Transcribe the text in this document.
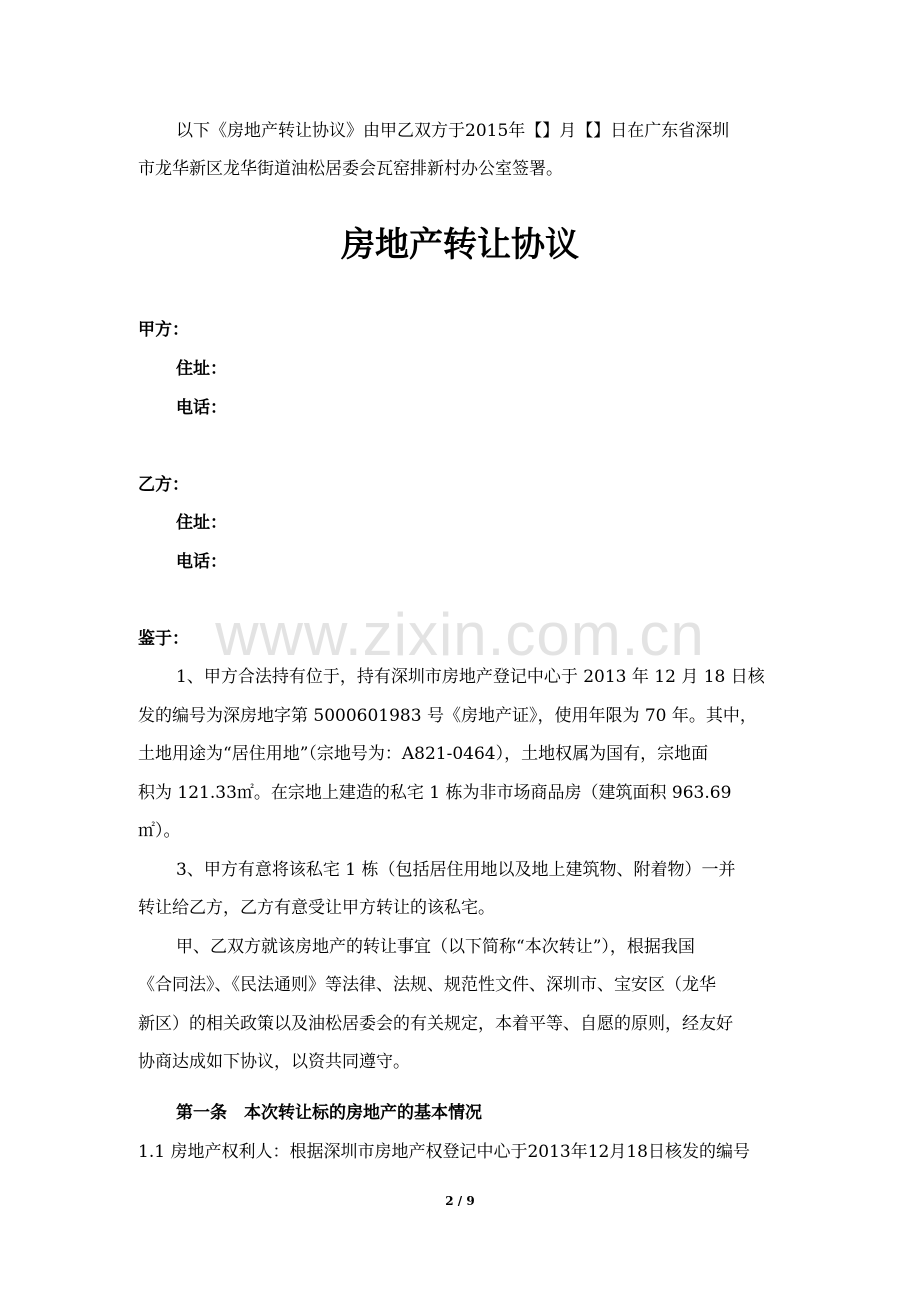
以下《房地产转让协议》由甲乙双方于2015年【】月【】日在广东省深圳
市龙华新区龙华街道油松居委会瓦窑排新村办公室签署。
房地产转让协议
甲方：
住址：
电话：
乙方：
住址：
电话：
www.zixin.com.cn
鉴于：
1、甲方合法持有位于，持有深圳市房地产登记中心于 2013 年 12 月 18 日核
发的编号为深房地字第 5000601983 号《房地产证》，使用年限为 70 年。其中，
土地用途为“居住用地”（宗地号为：A821-0464），土地权属为国有，宗地面
积为 121.33㎡。在宗地上建造的私宅 1 栋为非市场商品房（建筑面积 963.69
㎡）。
3、甲方有意将该私宅 1 栋（包括居住用地以及地上建筑物、附着物）一并
转让给乙方，乙方有意受让甲方转让的该私宅。
甲、乙双方就该房地产的转让事宜（以下简称“本次转让”），根据我国
《合同法》、《民法通则》等法律、法规、规范性文件、深圳市、宝安区（龙华
新区）的相关政策以及油松居委会的有关规定，本着平等、自愿的原则，经友好
协商达成如下协议，以资共同遵守。
第一条　本次转让标的房地产的基本情况
1.1 房地产权利人：根据深圳市房地产权登记中心于2013年12月18日核发的编号
2 / 9
